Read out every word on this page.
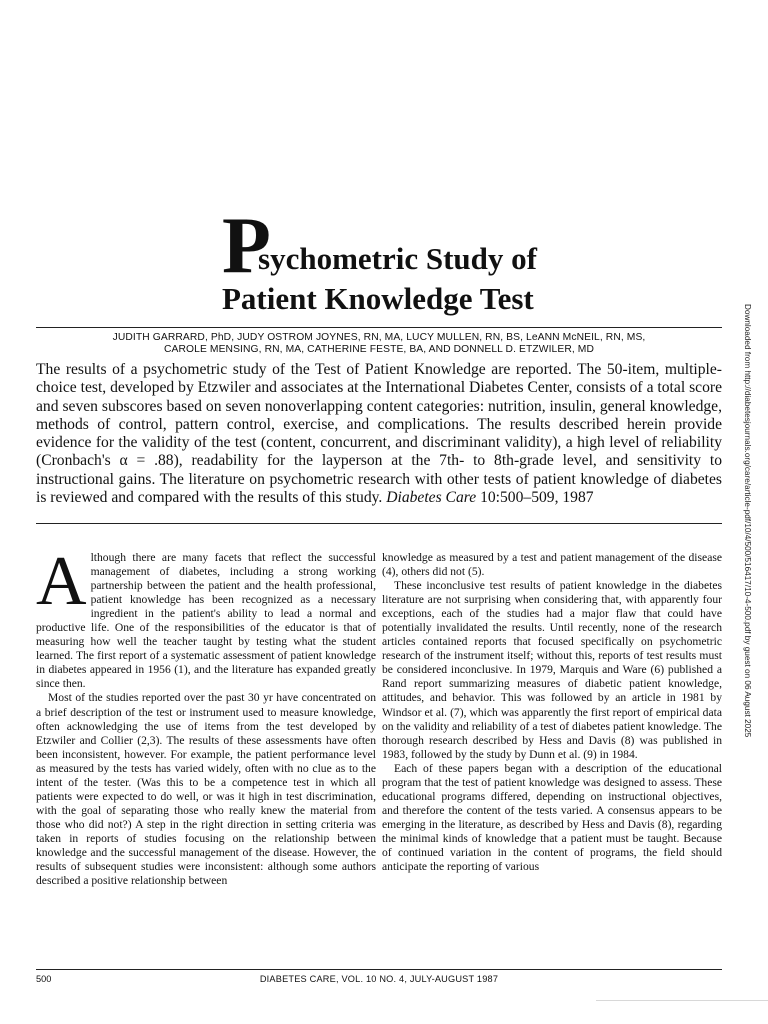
P
sychometric Study of
Patient Knowledge Test
JUDITH GARRARD, PhD, JUDY OSTROM JOYNES, RN, MA, LUCY MULLEN, RN, BS, LeANN McNEIL, RN, MS,
CAROLE MENSING, RN, MA, CATHERINE FESTE, BA, AND DONNELL D. ETZWILER, MD
The results of a psychometric study of the Test of Patient Knowledge are reported. The 50-item, multiple-choice test, developed by Etzwiler and associates at the International Diabetes Center, consists of a total score and seven subscores based on seven nonoverlapping content categories: nutrition, insulin, general knowledge, methods of control, pattern control, exercise, and complications. The results described herein provide evidence for the validity of the test (content, concurrent, and discriminant validity), a high level of reliability (Cronbach's α = .88), readability for the layperson at the 7th- to 8th-grade level, and sensitivity to instructional gains. The literature on psychometric research with other tests of patient knowledge of diabetes is reviewed and compared with the results of this study. Diabetes Care 10:500–509, 1987

Although there are many facets that reflect the successful management of diabetes, including a strong working partnership between the patient and the health professional, patient knowledge has been recognized as a necessary ingredient in the patient's ability to lead a normal and productive life. One of the responsibilities of the educator is that of measuring how well the teacher taught by testing what the student learned. The first report of a systematic assessment of patient knowledge in diabetes appeared in 1956 (1), and the literature has expanded greatly since then.

Most of the studies reported over the past 30 yr have concentrated on a brief description of the test or instrument used to measure knowledge, often acknowledging the use of items from the test developed by Etzwiler and Collier (2,3). The results of these assessments have often been inconsistent, however. For example, the patient performance level as measured by the tests has varied widely, often with no clue as to the intent of the tester. (Was this to be a competence test in which all patients were expected to do well, or was it high in test discrimination, with the goal of separating those who really knew the material from those who did not?) A step in the right direction in setting criteria was taken in reports of studies focusing on the relationship between knowledge and the successful management of the disease. However, the results of subsequent studies were inconsistent: although some authors described a positive relationship between

knowledge as measured by a test and patient management of the disease (4), others did not (5).

These inconclusive test results of patient knowledge in the diabetes literature are not surprising when considering that, with apparently four exceptions, each of the studies had a major flaw that could have potentially invalidated the results. Until recently, none of the research articles contained reports that focused specifically on psychometric research of the instrument itself; without this, reports of test results must be considered inconclusive. In 1979, Marquis and Ware (6) published a Rand report summarizing measures of diabetic patient knowledge, attitudes, and behavior. This was followed by an article in 1981 by Windsor et al. (7), which was apparently the first report of empirical data on the validity and reliability of a test of diabetes patient knowledge. The thorough research described by Hess and Davis (8) was published in 1983, followed by the study by Dunn et al. (9) in 1984.

Each of these papers began with a description of the educational program that the test of patient knowledge was designed to assess. These educational programs differed, depending on instructional objectives, and therefore the content of the tests varied. A consensus appears to be emerging in the literature, as described by Hess and Davis (8), regarding the minimal kinds of knowledge that a patient must be taught. Because of continued variation in the content of programs, the field should anticipate the reporting of various

DIABETES CARE, VOL. 10 NO. 4, JULY-AUGUST 1987
500
Downloaded from http://diabetesjournals.org/care/article-pdf/10/4/500/516417/10-4-500.pdf by guest on 06 August 2025
